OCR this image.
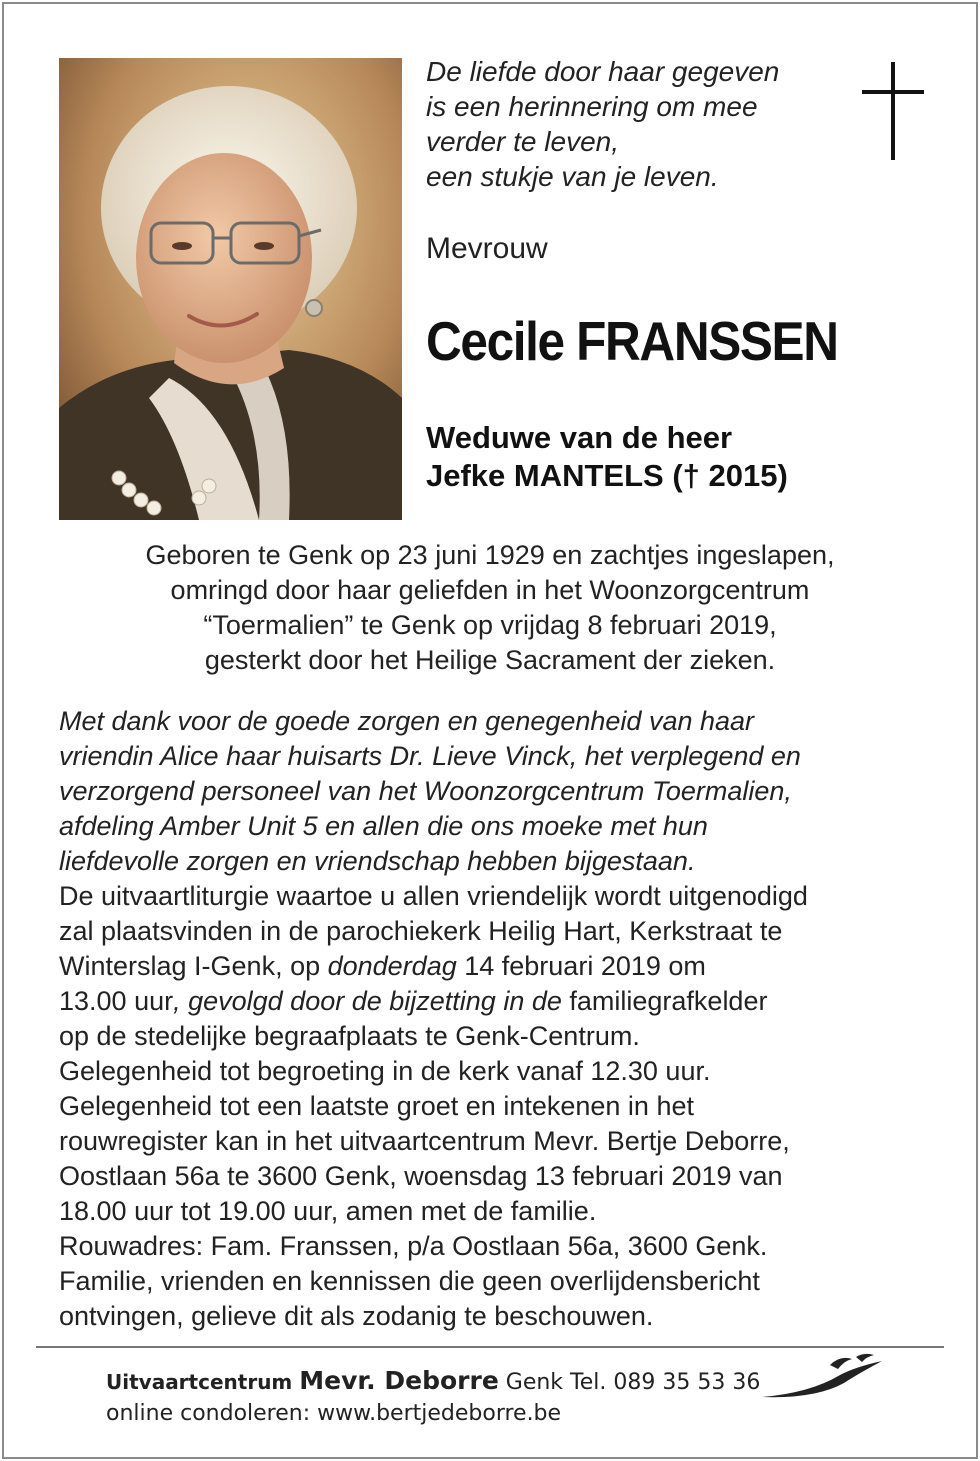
De liefde door haar gegeven
is een herinnering om mee
verder te leven,
een stukje van je leven.
Mevrouw
Cecile FRANSSEN
Weduwe van de heer
Jefke MANTELS († 2015)
Geboren te Genk op 23 juni 1929 en zachtjes ingeslapen,
omringd door haar geliefden in het Woonzorgcentrum
“Toermalien” te Genk op vrijdag 8 februari 2019,
gesterkt door het Heilige Sacrament der zieken.
Met dank voor de goede zorgen en genegenheid van haar
vriendin Alice haar huisarts Dr. Lieve Vinck, het verplegend en
verzorgend personeel van het Woonzorgcentrum Toermalien,
afdeling Amber Unit 5 en allen die ons moeke met hun
liefdevolle zorgen en vriendschap hebben bijgestaan.
De uitvaartliturgie waartoe u allen vriendelijk wordt uitgenodigd
zal plaatsvinden in de parochiekerk Heilig Hart, Kerkstraat te
Winterslag I-Genk, op donderdag 14 februari 2019 om
13.00 uur, gevolgd door de bijzetting in de familiegrafkelder
op de stedelijke begraafplaats te Genk-Centrum.
Gelegenheid tot begroeting in de kerk vanaf 12.30 uur.
Gelegenheid tot een laatste groet en intekenen in het
rouwregister kan in het uitvaartcentrum Mevr. Bertje Deborre,
Oostlaan 56a te 3600 Genk, woensdag 13 februari 2019 van
18.00 uur tot 19.00 uur, amen met de familie.
Rouwadres: Fam. Franssen, p/a Oostlaan 56a, 3600 Genk.
Familie, vrienden en kennissen die geen overlijdensbericht
ontvingen, gelieve dit als zodanig te beschouwen.
Uitvaartcentrum Mevr. Deborre Genk Tel. 089 35 53 36
online condoleren: www.bertjedeborre.be
